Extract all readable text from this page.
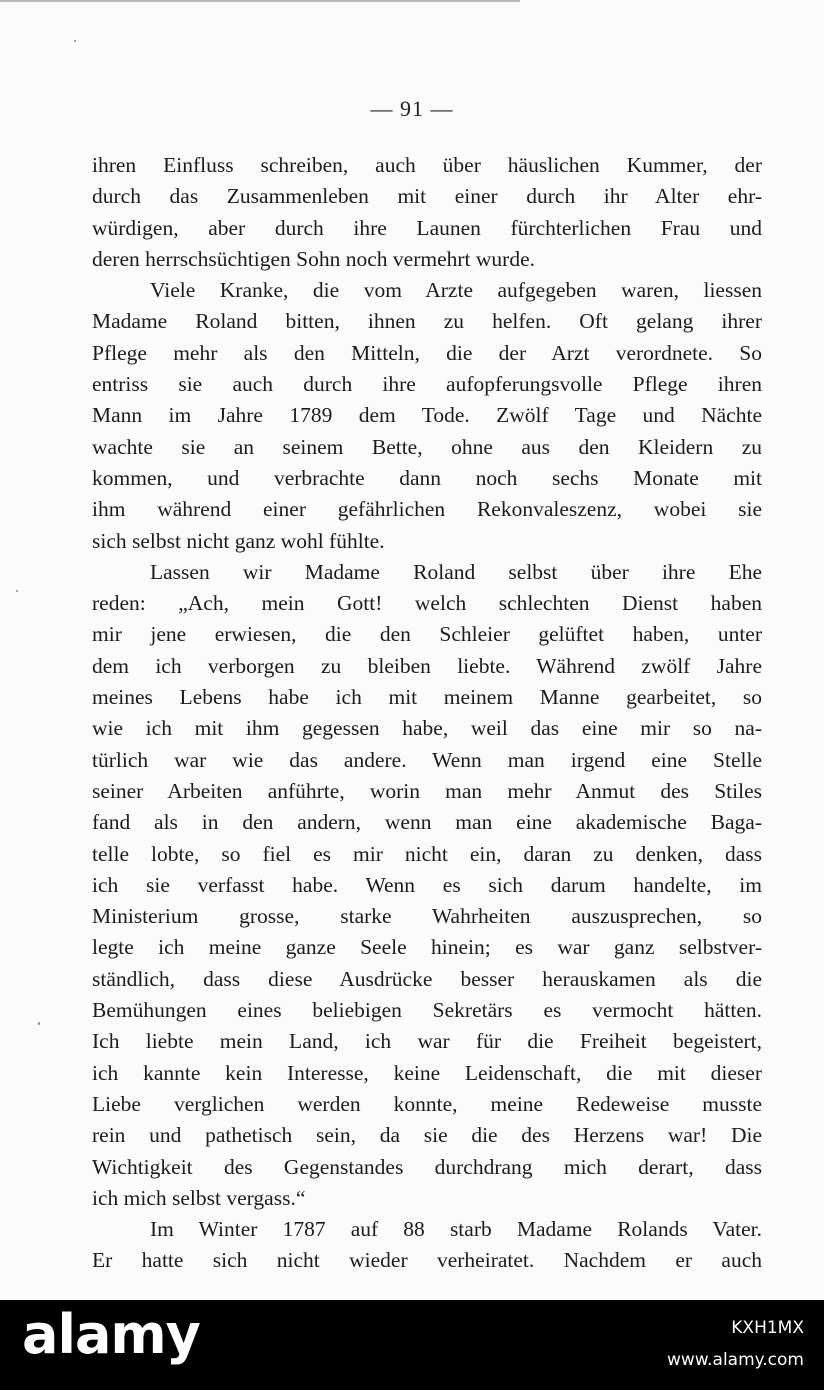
— 91 —
ihren Einfluss schreiben, auch über häuslichen Kummer, der
durch das Zusammenleben mit einer durch ihr Alter ehr-
würdigen, aber durch ihre Launen fürchterlichen Frau und
deren herrschsüchtigen Sohn noch vermehrt wurde.
Viele Kranke, die vom Arzte aufgegeben waren, liessen
Madame Roland bitten, ihnen zu helfen. Oft gelang ihrer
Pflege mehr als den Mitteln, die der Arzt verordnete. So
entriss sie auch durch ihre aufopferungsvolle Pflege ihren
Mann im Jahre 1789 dem Tode. Zwölf Tage und Nächte
wachte sie an seinem Bette, ohne aus den Kleidern zu
kommen, und verbrachte dann noch sechs Monate mit
ihm während einer gefährlichen Rekonvaleszenz, wobei sie
sich selbst nicht ganz wohl fühlte.
Lassen wir Madame Roland selbst über ihre Ehe
reden: „Ach, mein Gott! welch schlechten Dienst haben
mir jene erwiesen, die den Schleier gelüftet haben, unter
dem ich verborgen zu bleiben liebte. Während zwölf Jahre
meines Lebens habe ich mit meinem Manne gearbeitet, so
wie ich mit ihm gegessen habe, weil das eine mir so na-
türlich war wie das andere. Wenn man irgend eine Stelle
seiner Arbeiten anführte, worin man mehr Anmut des Stiles
fand als in den andern, wenn man eine akademische Baga-
telle lobte, so fiel es mir nicht ein, daran zu denken, dass
ich sie verfasst habe. Wenn es sich darum handelte, im
Ministerium grosse, starke Wahrheiten auszusprechen, so
legte ich meine ganze Seele hinein; es war ganz selbstver-
ständlich, dass diese Ausdrücke besser herauskamen als die
Bemühungen eines beliebigen Sekretärs es vermocht hätten.
Ich liebte mein Land, ich war für die Freiheit begeistert,
ich kannte kein Interesse, keine Leidenschaft, die mit dieser
Liebe verglichen werden konnte, meine Redeweise musste
rein und pathetisch sein, da sie die des Herzens war! Die
Wichtigkeit des Gegenstandes durchdrang mich derart, dass
ich mich selbst vergass.“
Im Winter 1787 auf 88 starb Madame Rolands Vater.
Er hatte sich nicht wieder verheiratet. Nachdem er auch
alamy	KXH1MX
www.alamy.com
